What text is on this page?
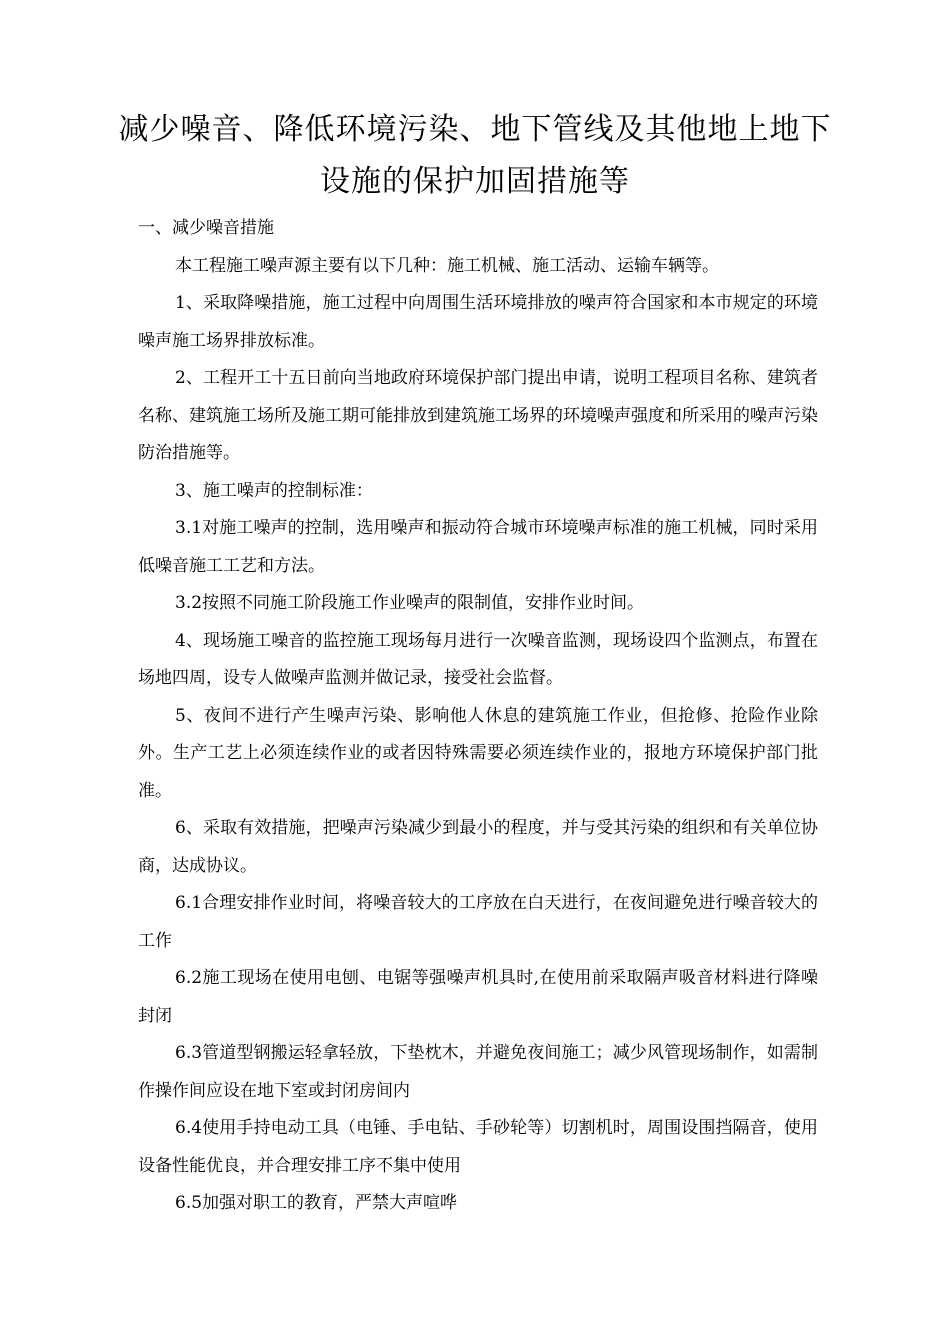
减少噪音、降低环境污染、地下管线及其他地上地下
设施的保护加固措施等

一、减少噪音措施

本工程施工噪声源主要有以下几种：施工机械、施工活动、运输车辆等。

1、采取降噪措施，施工过程中向周围生活环境排放的噪声符合国家和本市规定的环境噪声施工场界排放标准。

2、工程开工十五日前向当地政府环境保护部门提出申请，说明工程项目名称、建筑者名称、建筑施工场所及施工期可能排放到建筑施工场界的环境噪声强度和所采用的噪声污染防治措施等。

3、施工噪声的控制标准：

3.1对施工噪声的控制，选用噪声和振动符合城市环境噪声标准的施工机械，同时采用低噪音施工工艺和方法。

3.2按照不同施工阶段施工作业噪声的限制值，安排作业时间。

4、现场施工噪音的监控施工现场每月进行一次噪音监测，现场设四个监测点，布置在场地四周，设专人做噪声监测并做记录，接受社会监督。

5、夜间不进行产生噪声污染、影响他人休息的建筑施工作业，但抢修、抢险作业除外。生产工艺上必须连续作业的或者因特殊需要必须连续作业的，报地方环境保护部门批准。

6、采取有效措施，把噪声污染减少到最小的程度，并与受其污染的组织和有关单位协商，达成协议。

6.1合理安排作业时间，将噪音较大的工序放在白天进行，在夜间避免进行噪音较大的工作

6.2施工现场在使用电刨、电锯等强噪声机具时,在使用前采取隔声吸音材料进行降噪封闭

6.3管道型钢搬运轻拿轻放，下垫枕木，并避免夜间施工；减少风管现场制作，如需制作操作间应设在地下室或封闭房间内

6.4使用手持电动工具（电锤、手电钻、手砂轮等）切割机时，周围设围挡隔音，使用设备性能优良，并合理安排工序不集中使用

6.5加强对职工的教育，严禁大声喧哗
